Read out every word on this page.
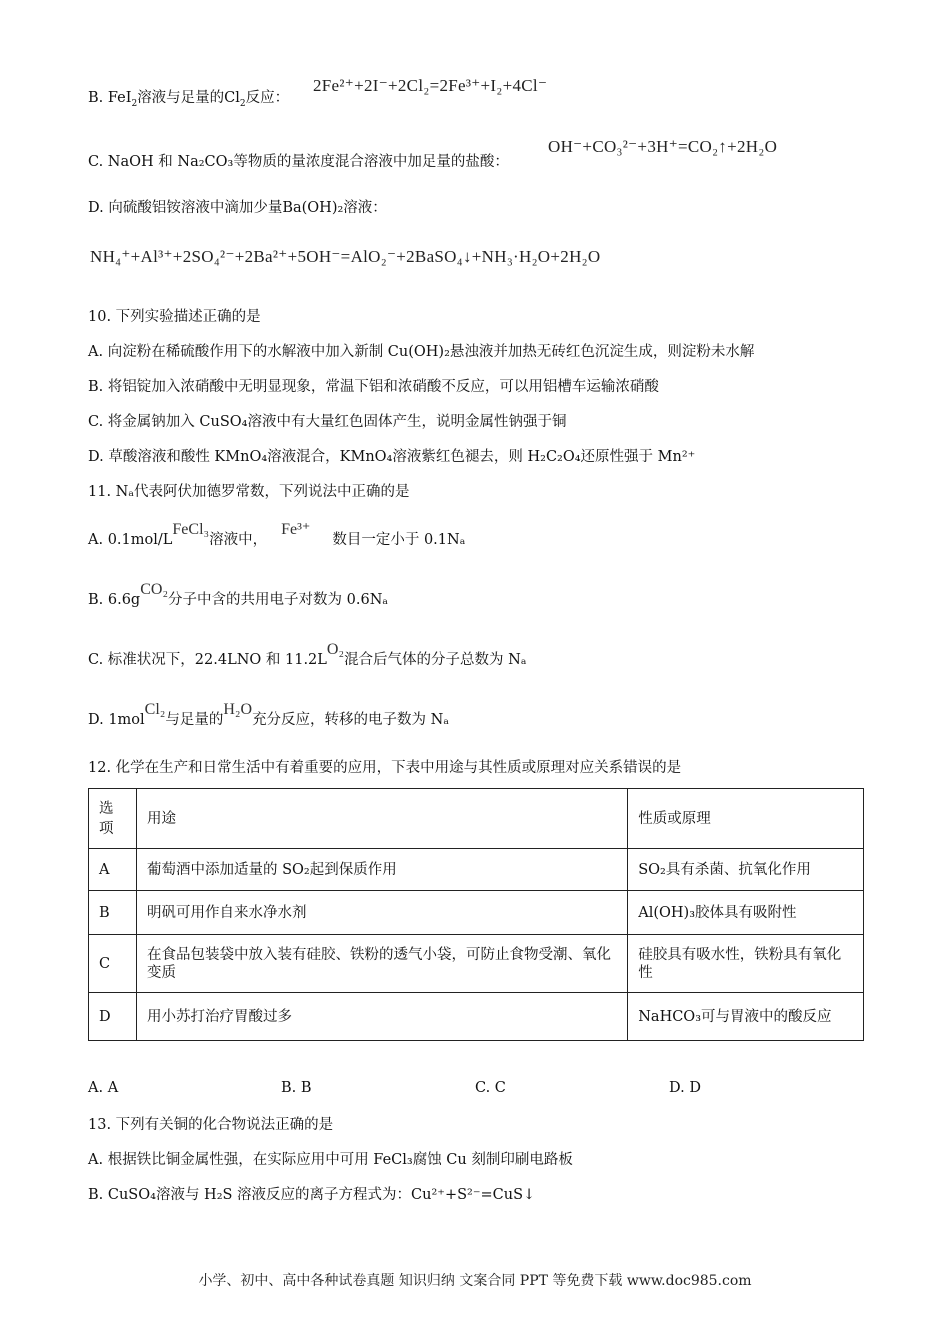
B. FeI$_2$溶液与足量的$Cl_2$反应：
2Fe²⁺+2I⁻+2Cl₂=2Fe³⁺+I₂+4Cl⁻
C. NaOH 和 Na₂CO₃等物质的量浓度混合溶液中加足量的盐酸：
OH⁻+CO₃²⁻+3H⁺=CO₂↑+2H₂O
D. 向硫酸铝铵溶液中滴加少量Ba(OH)₂溶液：
NH₄⁺+Al³⁺+2SO₄²⁻+2Ba²⁺+5OH⁻=AlO₂⁻+2BaSO₄↓+NH₃·H₂O+2H₂O
10. 下列实验描述正确的是
A. 向淀粉在稀硫酸作用下的水解液中加入新制 Cu(OH)₂悬浊液并加热无砖红色沉淀生成，则淀粉未水解
B. 将铝锭加入浓硝酸中无明显现象，常温下铝和浓硝酸不反应，可以用铝槽车运输浓硝酸
C. 将金属钠加入 CuSO₄溶液中有大量红色固体产生，说明金属性钠强于铜
D. 草酸溶液和酸性 KMnO₄溶液混合，KMnO₄溶液紫红色褪去，则 H₂C₂O₄还原性强于 Mn²⁺
11. Nₐ代表阿伏加德罗常数，下列说法中正确的是
A. 0.1mol/LFeCl₃溶液中，Fe³⁺数目一定小于 0.1Nₐ
B. 6.6gCO₂分子中含的共用电子对数为 0.6Nₐ
C. 标准状况下，22.4LNO 和 11.2LO₂混合后气体的分子总数为 Nₐ
D. 1molCl₂与足量的H₂O充分反应，转移的电子数为 Nₐ
12. 化学在生产和日常生活中有着重要的应用，下表中用途与其性质或原理对应关系错误的是
选项	用途	性质或原理
A	葡萄酒中添加适量的 SO₂起到保质作用	SO₂具有杀菌、抗氧化作用
B	明矾可用作自来水净水剂	Al(OH)₃胶体具有吸附性
C	在食品包装袋中放入装有硅胶、铁粉的透气小袋，可防止食物受潮、氧化变质	硅胶具有吸水性，铁粉具有氧化性
D	用小苏打治疗胃酸过多	NaHCO₃可与胃液中的酸反应
A. A	B. B	C. C	D. D
13. 下列有关铜的化合物说法正确的是
A. 根据铁比铜金属性强，在实际应用中可用 FeCl₃腐蚀 Cu 刻制印刷电路板
B. CuSO₄溶液与 H₂S 溶液反应的离子方程式为：Cu²⁺+S²⁻=CuS↓
小学、初中、高中各种试卷真题 知识归纳 文案合同 PPT 等免费下载 www.doc985.com
